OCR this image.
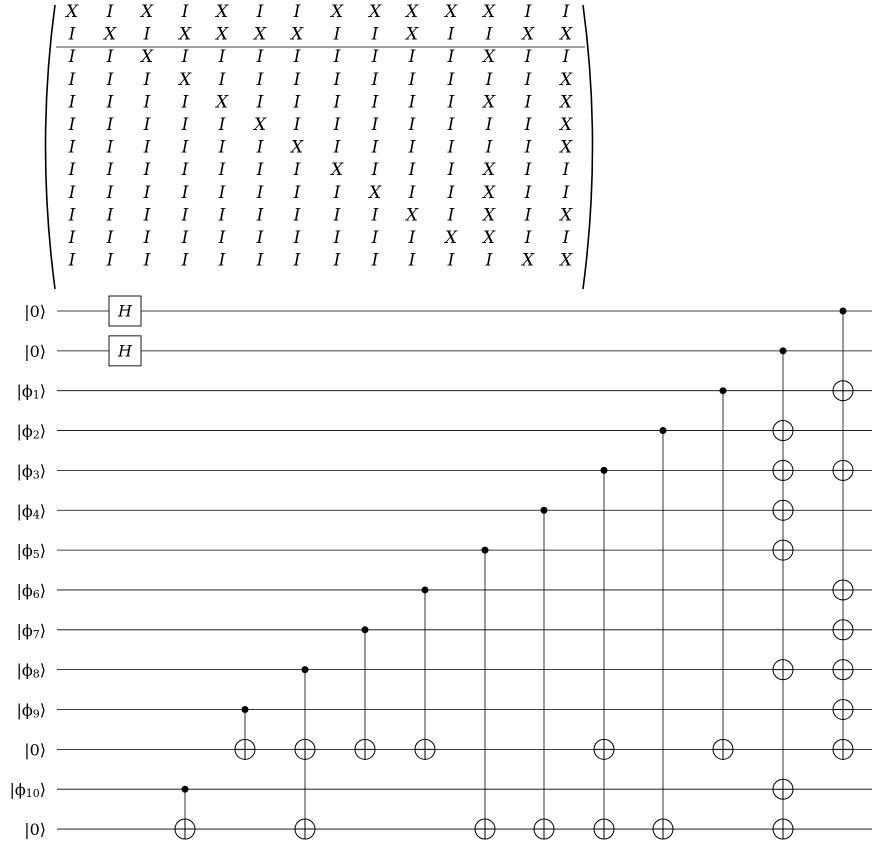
X I X I X I I X X X X X I I
I X I X X X X I I X I I X X
I I X I I I I I I I I X I I
I I I X I I I I I I I I I X
I I I I X I I I I I I X I X
I I I I I X I I I I I I I X
I I I I I I X I I I I I I X
I I I I I I I X I I I X I I
I I I I I I I I X I I X I I
I I I I I I I I I X I X I X
I I I I I I I I I I X X I I
I I I I I I I I I I I I X X
|0⟩
|0⟩
$|\phi_1⟩$
$|\phi_2⟩$
$|\phi_3⟩$
$|\phi_4⟩$
$|\phi_5⟩$
$|\phi_6⟩$
$|\phi_7⟩$
$|\phi_8⟩$
$|\phi_9⟩$
|0⟩
$|\phi_{10}⟩$
|0⟩
H
H
